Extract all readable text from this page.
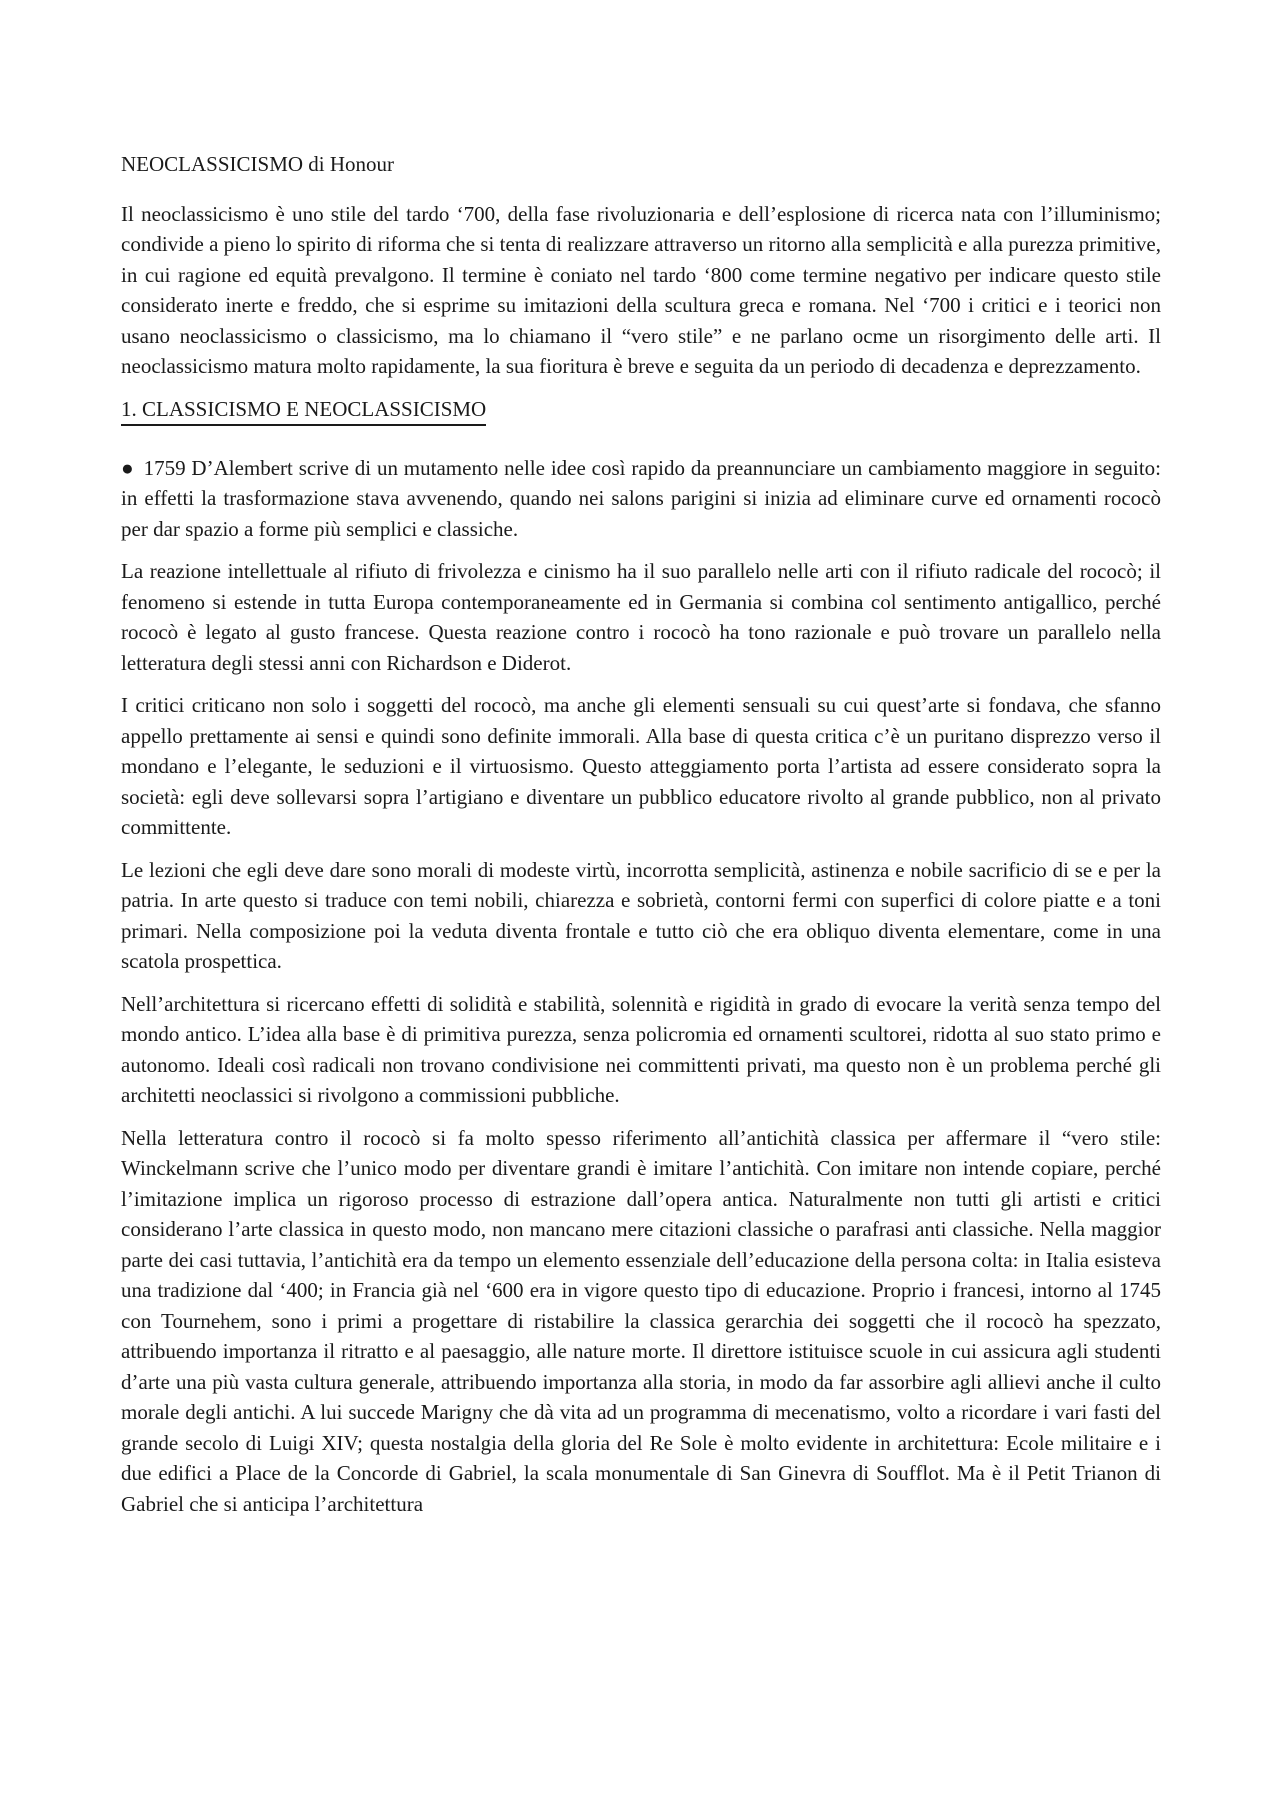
NEOCLASSICISMO di Honour

Il neoclassicismo è uno stile del tardo ‘700, della fase rivoluzionaria e dell’esplosione di ricerca nata con l’illuminismo; condivide a pieno lo spirito di riforma che si tenta di realizzare attraverso un ritorno alla semplicità e alla purezza primitive, in cui ragione ed equità prevalgono. Il termine è coniato nel tardo ‘800 come termine negativo per indicare questo stile considerato inerte e freddo, che si esprime su imitazioni della scultura greca e romana. Nel ‘700 i critici e i teorici non usano neoclassicismo o classicismo, ma lo chiamano il “vero stile” e ne parlano ocme un risorgimento delle arti. Il neoclassicismo matura molto rapidamente, la sua fioritura è breve e seguita da un periodo di decadenza e deprezzamento.

1. CLASSICISMO E NEOCLASSICISMO

● 1759 D’Alembert scrive di un mutamento nelle idee così rapido da preannunciare un cambiamento maggiore in seguito: in effetti la trasformazione stava avvenendo, quando nei salons parigini si inizia ad eliminare curve ed ornamenti rococò per dar spazio a forme più semplici e classiche.

La reazione intellettuale al rifiuto di frivolezza e cinismo ha il suo parallelo nelle arti con il rifiuto radicale del rococò; il fenomeno si estende in tutta Europa contemporaneamente ed in Germania si combina col sentimento antigallico, perché rococò è legato al gusto francese. Questa reazione contro i rococò ha tono razionale e può trovare un parallelo nella letteratura degli stessi anni con Richardson e Diderot.

I critici criticano non solo i soggetti del rococò, ma anche gli elementi sensuali su cui quest’arte si fondava, che sfanno appello prettamente ai sensi e quindi sono definite immorali. Alla base di questa critica c’è un puritano disprezzo verso il mondano e l’elegante, le seduzioni e il virtuosismo. Questo atteggiamento porta l’artista ad essere considerato sopra la società: egli deve sollevarsi sopra l’artigiano e diventare un pubblico educatore rivolto al grande pubblico, non al privato committente.

Le lezioni che egli deve dare sono morali di modeste virtù, incorrotta semplicità, astinenza e nobile sacrificio di se e per la patria. In arte questo si traduce con temi nobili, chiarezza e sobrietà, contorni fermi con superfici di colore piatte e a toni primari. Nella composizione poi la veduta diventa frontale e tutto ciò che era obliquo diventa elementare, come in una scatola prospettica.

Nell’architettura si ricercano effetti di solidità e stabilità, solennità e rigidità in grado di evocare la verità senza tempo del mondo antico. L’idea alla base è di primitiva purezza, senza policromia ed ornamenti scultorei, ridotta al suo stato primo e autonomo. Ideali così radicali non trovano condivisione nei committenti privati, ma questo non è un problema perché gli architetti neoclassici si rivolgono a commissioni pubbliche.

Nella letteratura contro il rococò si fa molto spesso riferimento all’antichità classica per affermare il “vero stile: Winckelmann scrive che l’unico modo per diventare grandi è imitare l’antichità. Con imitare non intende copiare, perché l’imitazione implica un rigoroso processo di estrazione dall’opera antica. Naturalmente non tutti gli artisti e critici considerano l’arte classica in questo modo, non mancano mere citazioni classiche o parafrasi anti classiche. Nella maggior parte dei casi tuttavia, l’antichità era da tempo un elemento essenziale dell’educazione della persona colta: in Italia esisteva una tradizione dal ‘400; in Francia già nel ‘600 era in vigore questo tipo di educazione. Proprio i francesi, intorno al 1745 con Tournehem, sono i primi a progettare di ristabilire la classica gerarchia dei soggetti che il rococò ha spezzato, attribuendo importanza il ritratto e al paesaggio, alle nature morte. Il direttore istituisce scuole in cui assicura agli studenti d’arte una più vasta cultura generale, attribuendo importanza alla storia, in modo da far assorbire agli allievi anche il culto morale degli antichi. A lui succede Marigny che dà vita ad un programma di mecenatismo, volto a ricordare i vari fasti del grande secolo di Luigi XIV; questa nostalgia della gloria del Re Sole è molto evidente in architettura: Ecole militaire e i due edifici a Place de la Concorde di Gabriel, la scala monumentale di San Ginevra di Soufflot. Ma è il Petit Trianon di Gabriel che si anticipa l’architettura
